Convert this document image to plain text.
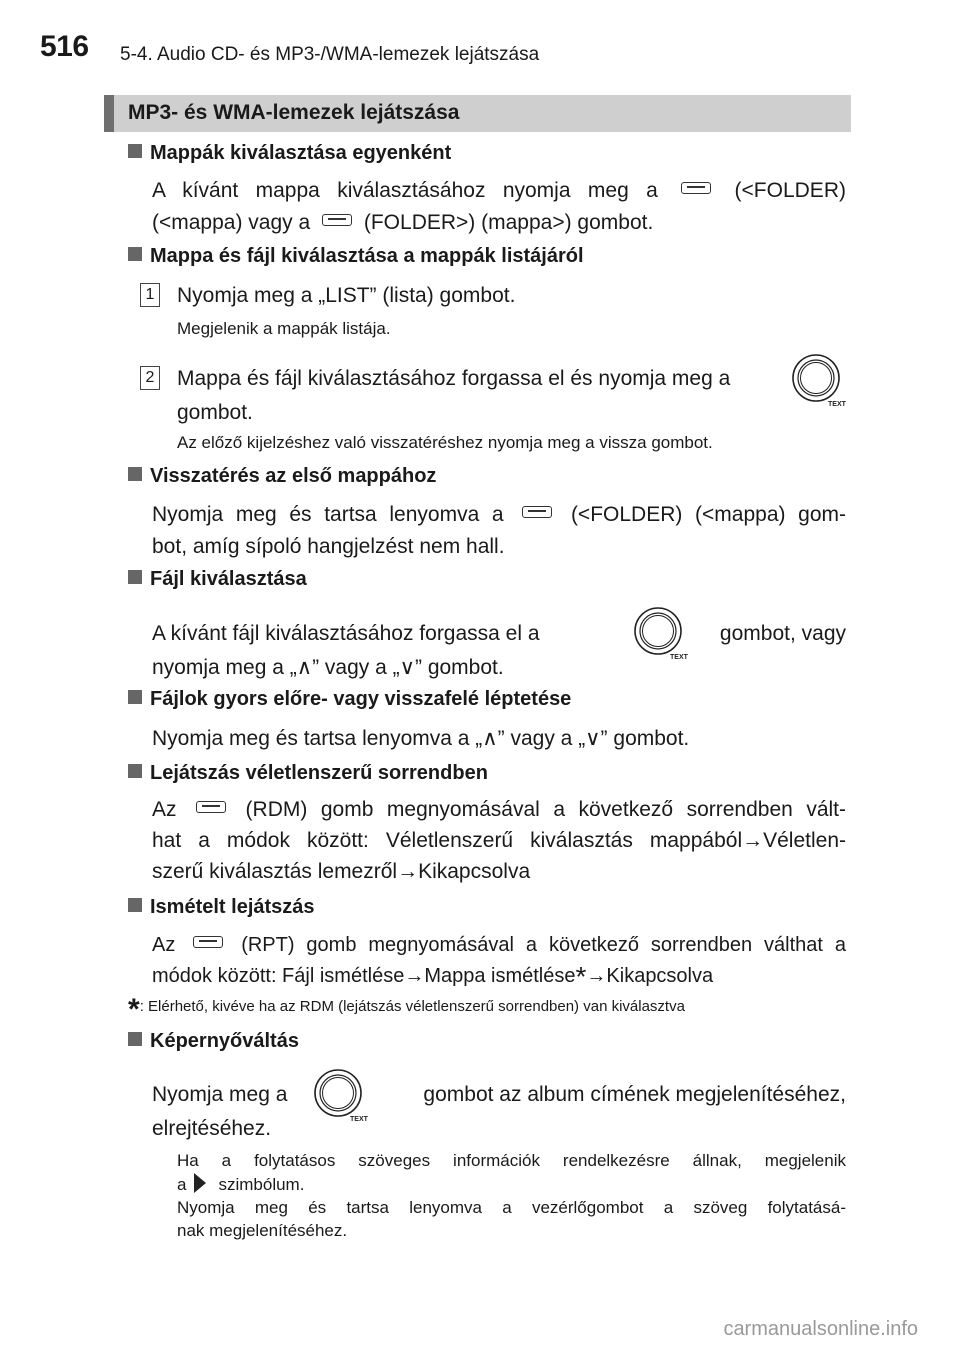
516 5-4. Audio CD- és MP3-/WMA-lemezek lejátszása
MP3- és WMA-lemezek lejátszása
Mappák kiválasztása egyenként
A kívánt mappa kiválasztásához nyomja meg a	(<FOLDER)
(<mappa) vagy a	(FOLDER>) (mappa>) gombot.
Mappa és fájl kiválasztása a mappák listájáról
1 Nyomja meg a „LIST” (lista) gombot.
Megjelenik a mappák listája.
2 Mappa és fájl kiválasztásához forgassa el és nyomja meg a
gombot.	TEXT
Az előző kijelzéshez való visszatéréshez nyomja meg a vissza gombot.
Visszatérés az első mappához
Nyomja meg és tartsa lenyomva a	(<FOLDER) (<mappa) gom-
bot, amíg sípoló hangjelzést nem hall.
Fájl kiválasztása
A kívánt fájl kiválasztásához forgassa el a	gombot, vagy
TEXT
nyomja meg a „∧” vagy a „∨” gombot.
Fájlok gyors előre- vagy visszafelé léptetése
Nyomja meg és tartsa lenyomva a „∧” vagy a „∨” gombot.
Lejátszás véletlenszerű sorrendben
Az	(RDM) gomb megnyomásával a következő sorrendben vált-
hat a módok között: Véletlenszerű kiválasztás mappából→Véletlen-
szerű kiválasztás lemezről→Kikapcsolva
Ismételt lejátszás
Az	(RPT) gomb megnyomásával a következő sorrendben válthat a
módok között: Fájl ismétlése→Mappa ismétlése*→Kikapcsolva
*: Elérhető, kivéve ha az RDM (lejátszás véletlenszerű sorrendben) van kiválasztva
Képernyőváltás
Nyomja meg a	gombot az album címének megjelenítéséhez,
TEXT
elrejtéséhez.
Ha a folytatásos szöveges információk rendelkezésre állnak, megjelenik
a szimbólum.
Nyomja meg és tartsa lenyomva a vezérlőgombot a szöveg folytatásá-
nak megjelenítéséhez.
carmanualsonline.info
